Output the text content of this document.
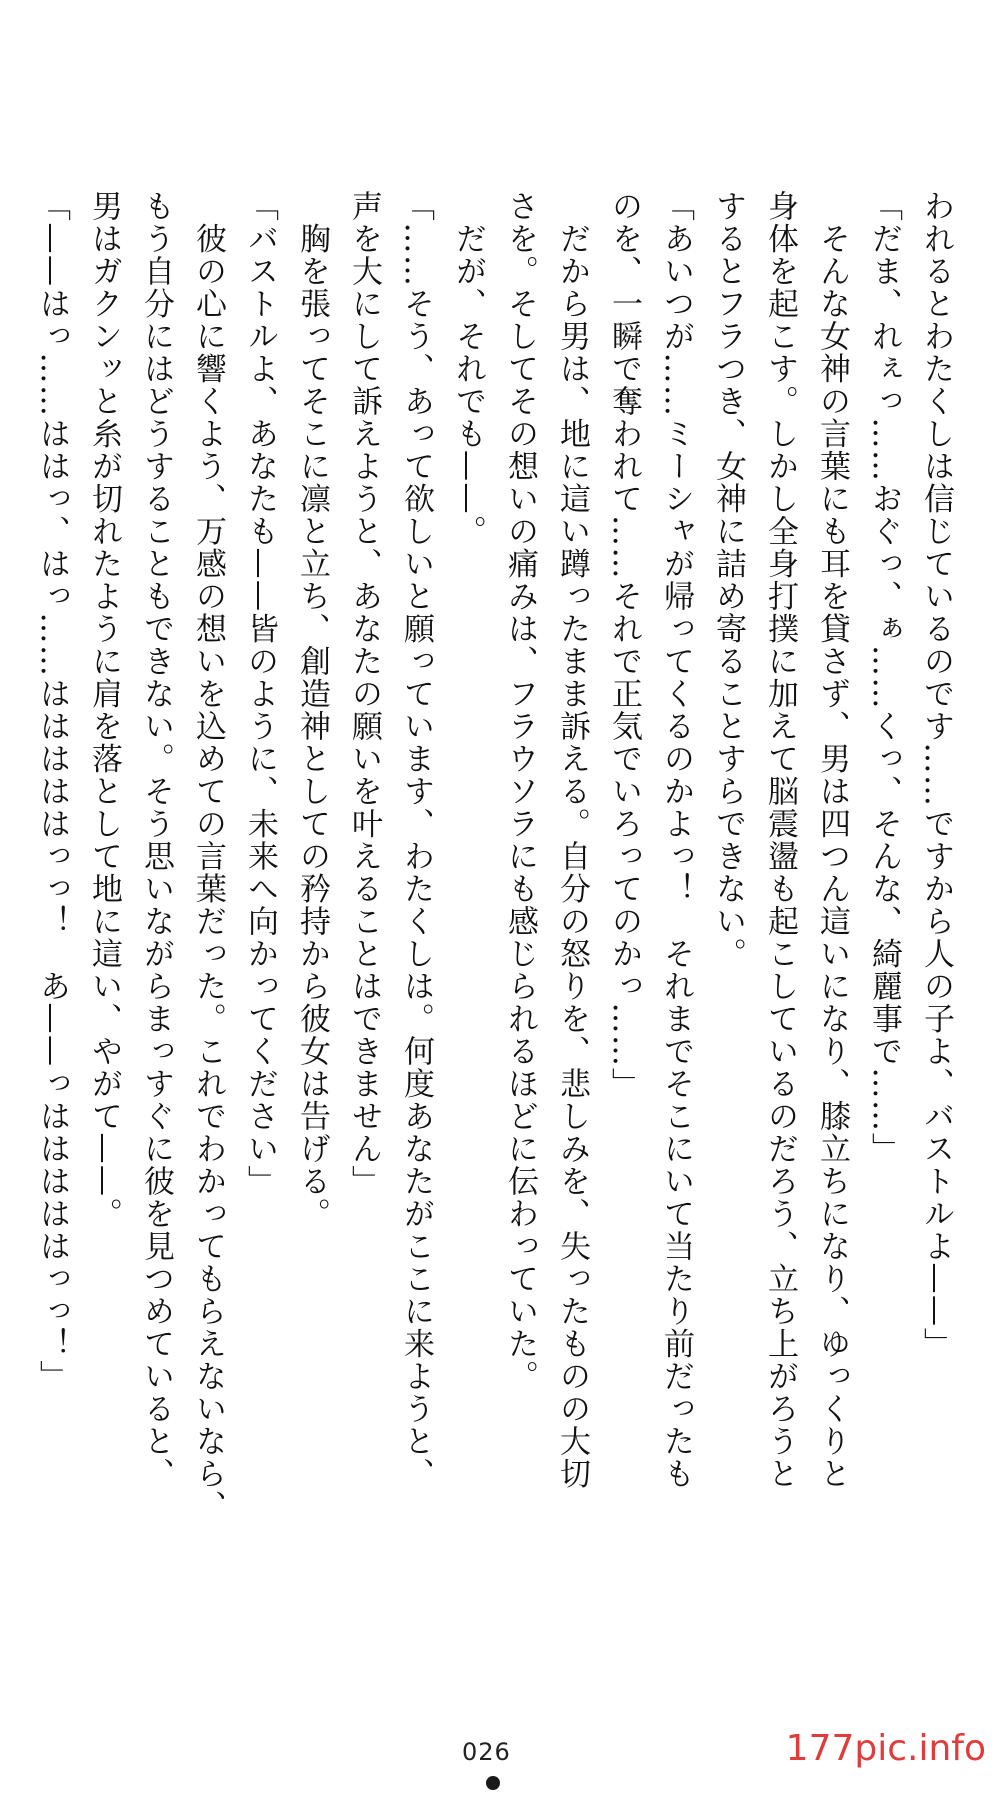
われるとわたくしは信じているのです……ですから人の子よ、バストルよ——」
「だま、れぇっ……おぐっ、ぁ……くっ、そんな、綺麗事で……」
　そんな女神の言葉にも耳を貸さず、男は四つん這いになり、膝立ちになり、ゆっくりと
身体を起こす。しかし全身打撲に加えて脳震盪も起こしているのだろう、立ち上がろうと
するとフラつき、女神に詰め寄ることすらできない。
「あいつが……ミーシャが帰ってくるのかよっ！　それまでそこにいて当たり前だったも
のを、一瞬で奪われて……それで正気でいろってのかっ……」
　だから男は、地に這い蹲ったまま訴える。自分の怒りを、悲しみを、失ったものの大切
さを。そしてその想いの痛みは、フラウソラにも感じられるほどに伝わっていた。
　だが、それでも——。
「……そう、あって欲しいと願っています、わたくしは。何度あなたがここに来ようと、
声を大にして訴えようと、あなたの願いを叶えることはできません」
　胸を張ってそこに凛と立ち、創造神としての矜持から彼女は告げる。
「バストルよ、あなたも——皆のように、未来へ向かってください」
　彼の心に響くよう、万感の想いを込めての言葉だった。これでわかってもらえないなら、
もう自分にはどうすることもできない。そう思いながらまっすぐに彼を見つめていると、
男はガクンッと糸が切れたように肩を落として地に這い、やがて——。
「——はっ……ははっ、はっ……はははははっっ！　あ——っはははははっっ！」
026	177pic.info
